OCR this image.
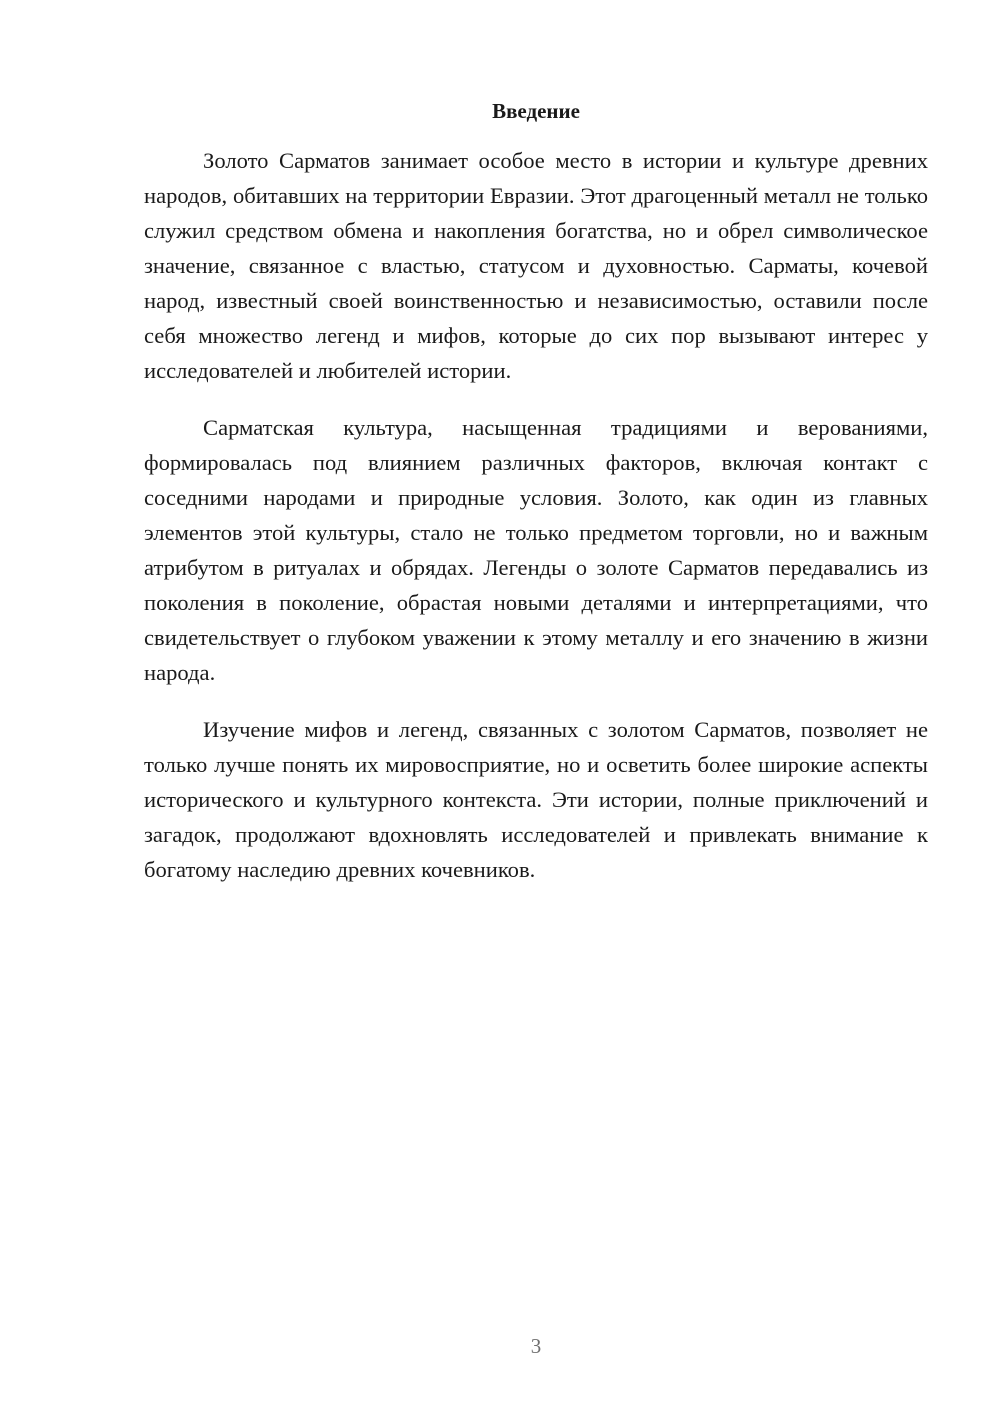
Введение

Золото Сарматов занимает особое место в истории и культуре древних народов, обитавших на территории Евразии. Этот драгоценный металл не только служил средством обмена и накопления богатства, но и обрел символическое значение, связанное с властью, статусом и духовностью. Сарматы, кочевой народ, известный своей воинственностью и независимостью, оставили после себя множество легенд и мифов, которые до сих пор вызывают интерес у исследователей и любителей истории.

Сарматская культура, насыщенная традициями и верованиями, формировалась под влиянием различных факторов, включая контакт с соседними народами и природные условия. Золото, как один из главных элементов этой культуры, стало не только предметом торговли, но и важным атрибутом в ритуалах и обрядах. Легенды о золоте Сарматов передавались из поколения в поколение, обрастая новыми деталями и интерпретациями, что свидетельствует о глубоком уважении к этому металлу и его значению в жизни народа.

Изучение мифов и легенд, связанных с золотом Сарматов, позволяет не только лучше понять их мировосприятие, но и осветить более широкие аспекты исторического и культурного контекста. Эти истории, полные приключений и загадок, продолжают вдохновлять исследователей и привлекать внимание к богатому наследию древних кочевников.

3
